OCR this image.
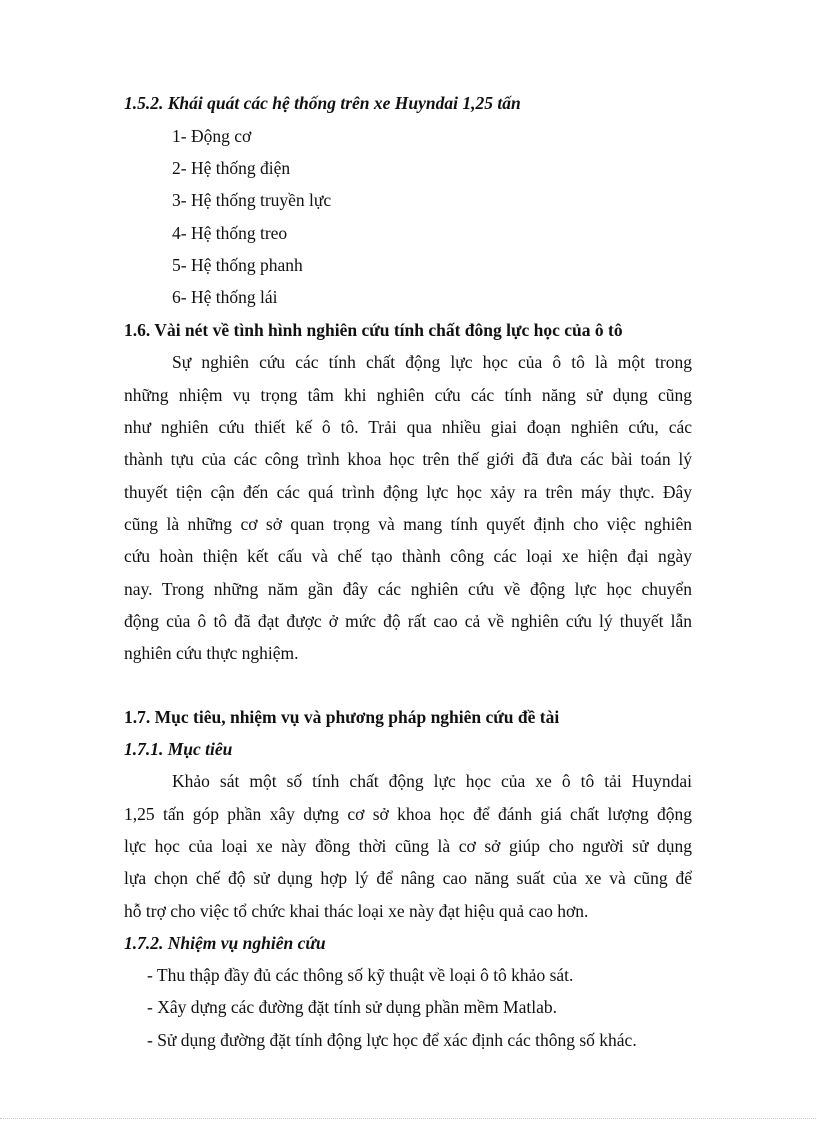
1.5.2. Khái quát các hệ thống trên xe Huyndai 1,25 tấn
1- Động cơ
2- Hệ thống điện
3- Hệ thống truyền lực
4- Hệ thống treo
5- Hệ thống phanh
6- Hệ thống lái
1.6. Vài nét về tình hình nghiên cứu tính chất đông lực học của ô tô
Sự nghiên cứu các tính chất động lực học của ô tô là một trong
những nhiệm vụ trọng tâm khi nghiên cứu các tính năng sử dụng cũng
như nghiên cứu thiết kế ô tô. Trải qua nhiều giai đoạn nghiên cứu, các
thành tựu của các công trình khoa học trên thế giới đã đưa các bài toán lý
thuyết tiện cận đến các quá trình động lực học xảy ra trên máy thực. Đây
cũng là những cơ sở quan trọng và mang tính quyết định cho việc nghiên
cứu hoàn thiện kết cấu và chế tạo thành công các loại xe hiện đại ngày
nay. Trong những năm gần đây các nghiên cứu về động lực học chuyển
động của ô tô đã đạt được ở mức độ rất cao cả về nghiên cứu lý thuyết lẫn
nghiên cứu thực nghiệm.
1.7. Mục tiêu, nhiệm vụ và phương pháp nghiên cứu đề tài
1.7.1. Mục tiêu
Khảo sát một số tính chất động lực học của xe ô tô tải Huyndai
1,25 tấn góp phần xây dựng cơ sở khoa học để đánh giá chất lượng động
lực học của loại xe này đồng thời cũng là cơ sở giúp cho người sử dụng
lựa chọn chế độ sử dụng hợp lý để nâng cao năng suất của xe và cũng để
hỗ trợ cho việc tổ chức khai thác loại xe này đạt hiệu quả cao hơn.
1.7.2. Nhiệm vụ nghiên cứu
- Thu thập đầy đủ các thông số kỹ thuật về loại ô tô khảo sát.
- Xây dựng các đường đặt tính sử dụng phần mềm Matlab.
- Sử dụng đường đặt tính động lực học để xác định các thông số khác.
